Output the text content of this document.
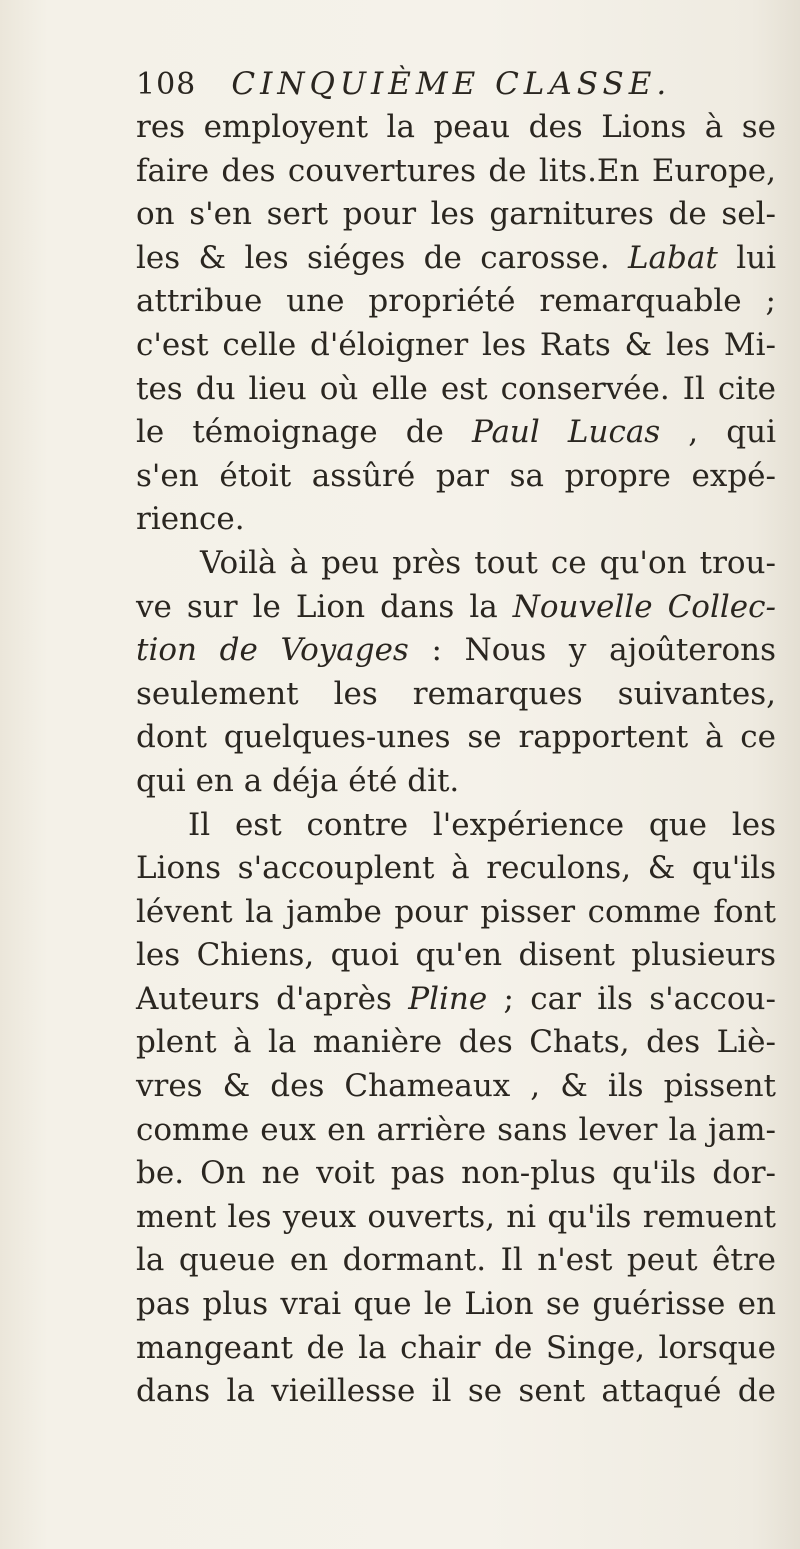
108 CINQUIÈME CLASSE.
res employent la peau des Lions à se
faire des couvertures de lits.En Europe,
on s'en sert pour les garnitures de sel-
les & les siéges de carosse. Labat lui
attribue une propriété remarquable ;
c'est celle d'éloigner les Rats & les Mi-
tes du lieu où elle est conservée. Il cite
le témoignage de Paul Lucas , qui
s'en étoit assûré par sa propre expé-
rience.
Voilà à peu près tout ce qu'on trou-
ve sur le Lion dans la Nouvelle Collec-
tion de Voyages : Nous y ajoûterons
seulement les remarques suivantes,
dont quelques-unes se rapportent à ce
qui en a déja été dit.
Il est contre l'expérience que les
Lions s'accouplent à reculons, & qu'ils
lévent la jambe pour pisser comme font
les Chiens, quoi qu'en disent plusieurs
Auteurs d'après Pline ; car ils s'accou-
plent à la manière des Chats, des Liè-
vres & des Chameaux , & ils pissent
comme eux en arrière sans lever la jam-
be. On ne voit pas non-plus qu'ils dor-
ment les yeux ouverts, ni qu'ils remuent
la queue en dormant. Il n'est peut être
pas plus vrai que le Lion se guérisse en
mangeant de la chair de Singe, lorsque
dans la vieillesse il se sent attaqué de
